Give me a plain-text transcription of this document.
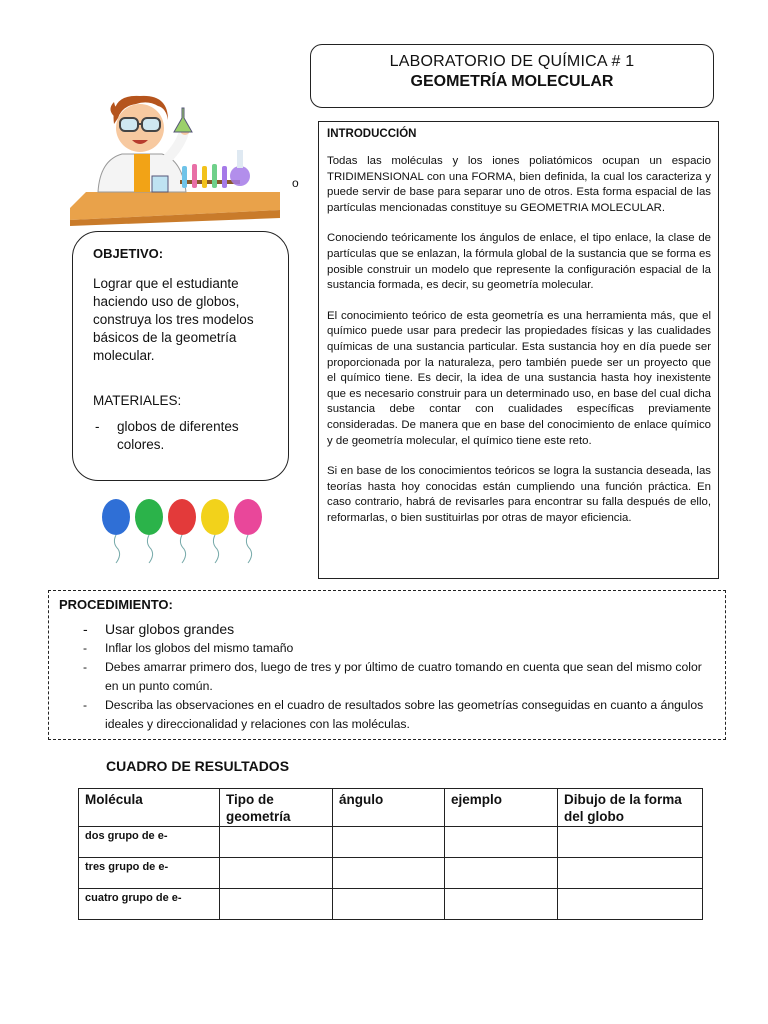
LABORATORIO DE QUÍMICA # 1
GEOMETRÍA MOLECULAR
o
OBJETIVO:
Lograr que el estudiante haciendo uso de globos, construya los tres modelos básicos de la geometría molecular.
MATERIALES:
- globos de diferentes colores.
INTRODUCCIÓN

Todas las moléculas y los iones poliatómicos ocupan un espacio TRIDIMENSIONAL con una FORMA, bien definida, la cual los caracteriza y puede servir de base para separar uno de otros. Esta forma espacial de las partículas mencionadas constituye su GEOMETRIA MOLECULAR.

Conociendo teóricamente los ángulos de enlace, el tipo enlace, la clase de partículas que se enlazan, la fórmula global de la sustancia que se forma es posible construir un modelo que represente la configuración espacial de la sustancia formada, es decir, su geometría molecular.

El conocimiento teórico de esta geometría es una herramienta más, que el químico puede usar para predecir las propiedades físicas y las cualidades químicas de una sustancia particular. Esta sustancia hoy en día puede ser proporcionada por la naturaleza, pero también puede ser un proyecto que el químico tiene. Es decir, la idea de una sustancia hasta hoy inexistente que es necesario construir para un determinado uso, en base del cual dicha sustancia debe contar con cualidades específicas previamente consideradas. De manera que en base del conocimiento de enlace químico y de geometría molecular, el químico tiene este reto.

Si en base de los conocimientos teóricos se logra la sustancia deseada, las teorías hasta hoy conocidas están cumpliendo una función práctica. En caso contrario, habrá de revisarles para encontrar su falla después de ello, reformarlas, o bien sustituirlas por otras de mayor eficiencia.

PROCEDIMIENTO:
- Usar globos grandes
- Inflar los globos del mismo tamaño
- Debes amarrar primero dos, luego de tres y por último de cuatro tomando en cuenta que sean del mismo color en un punto común.
- Describa las observaciones en el cuadro de resultados sobre las geometrías conseguidas en cuanto a ángulos ideales y direccionalidad y relaciones con las moléculas.
CUADRO DE RESULTADOS
Molécula	Tipo de geometría	ángulo	ejemplo	Dibujo de la forma del globo
dos grupo de e-				
tres grupo de e-				
cuatro grupo de e-				
